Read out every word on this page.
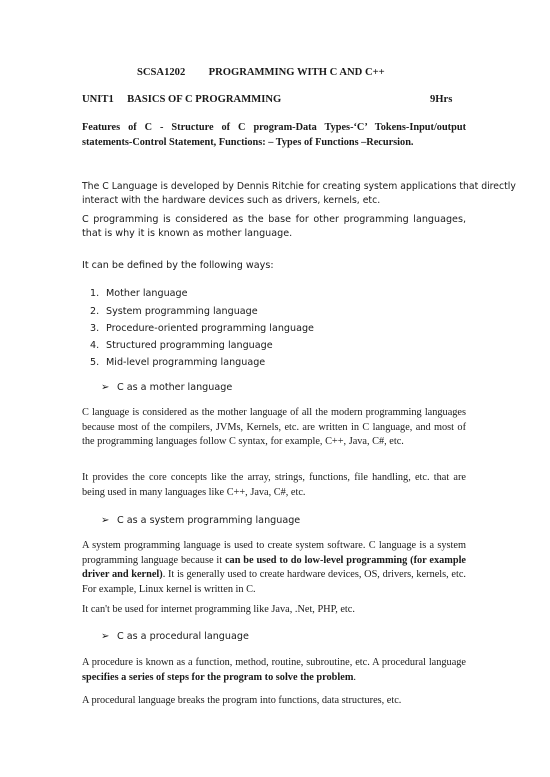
SCSA1202 PROGRAMMING WITH C AND C++
UNIT1 BASICS OF C PROGRAMMING	9Hrs
Features of C - Structure of C program-Data Types-‘C’ Tokens-Input/output
statements-Control Statement, Functions: – Types of Functions –Recursion.
The C Language is developed by Dennis Ritchie for creating system applications that directly
interact with the hardware devices such as drivers, kernels, etc.
C programming is considered as the base for other programming languages, that is why it is known as mother language.
It can be defined by the following ways:
1. Mother language
2. System programming language
3. Procedure-oriented programming language
4. Structured programming language
5. Mid-level programming language
➢ C as a mother language
C language is considered as the mother language of all the modern programming languages because most of the compilers, JVMs, Kernels, etc. are written in C language, and most of the programming languages follow C syntax, for example, C++, Java, C#, etc.
It provides the core concepts like the array, strings, functions, file handling, etc. that are being used in many languages like C++, Java, C#, etc.
➢ C as a system programming language
A system programming language is used to create system software. C language is a system programming language because it can be used to do low-level programming (for example driver and kernel). It is generally used to create hardware devices, OS, drivers, kernels, etc. For example, Linux kernel is written in C.
It can't be used for internet programming like Java, .Net, PHP, etc.
➢ C as a procedural language
A procedure is known as a function, method, routine, subroutine, etc. A procedural language specifies a series of steps for the program to solve the problem.
A procedural language breaks the program into functions, data structures, etc.
